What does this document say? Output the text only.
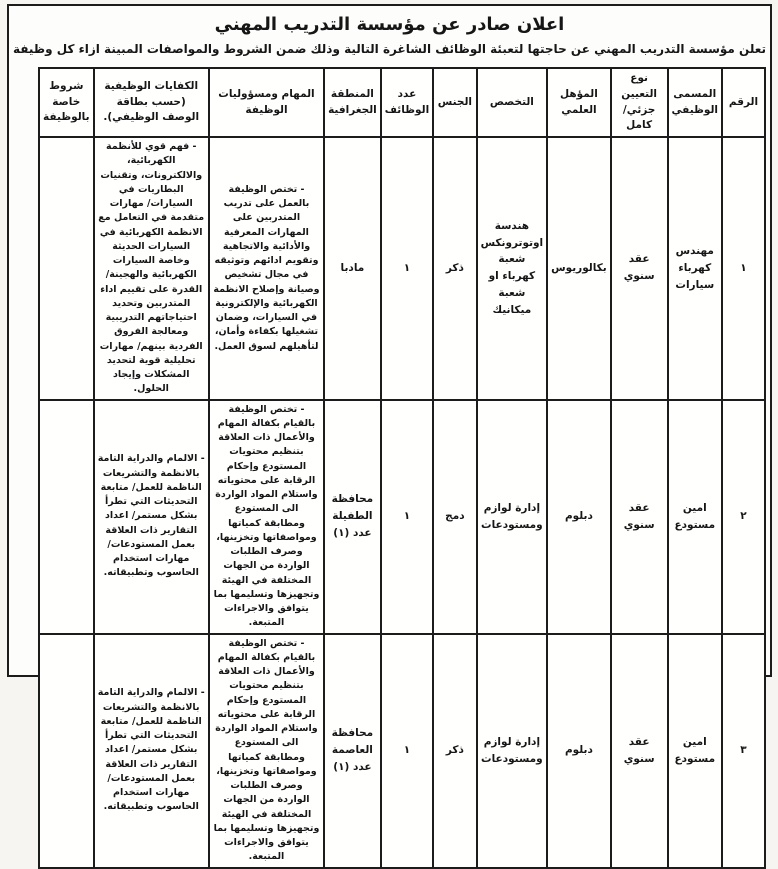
اعلان صادر عن مؤسسة التدريب المهني
تعلن مؤسسة التدريب المهني عن حاجتها لتعبئة الوظائف الشاغرة التالية وذلك ضمن الشروط والمواصفات المبينة ازاء كل وظيفة
الرقم	المسمى الوظيفي	نوع التعيين جزئي/ كامل	المؤهل العلمي	التخصص	الجنس	عدد الوظائف	المنطقة الجغرافية	المهام ومسؤوليات الوظيفة	الكفايات الوظيفية (حسب بطاقة الوصف الوظيفي).	شروط خاصة بالوظيفة
١	مهندس كهرباء سيارات	عقد سنوي	بكالوريوس	هندسة اوتوترونكس شعبة كهرباء او شعبة ميكانيك	ذكر	١	مادبا	- تختص الوظيفة بالعمل على تدريب المتدربين على المهارات المعرفية والأدائية والاتجاهية وتقويم ادائهم وتوثيقه في مجال تشخيص وصيانة وإصلاح الانظمة الكهربائية والإلكترونية في السيارات، وضمان تشغيلها بكفاءة وأمان، لتأهيلهم لسوق العمل.	- فهم قوي للأنظمة الكهربائية، والالكترونات، وتقنيات البطاريات في السيارات/ مهارات متقدمة في التعامل مع الانظمة الكهربائية في السيارات الحديثة وخاصة السيارات الكهربائية والهجينة/ القدرة على تقييم اداء المتدربين وتحديد احتياجاتهم التدريبية ومعالجة الفروق الفردية بينهم/ مهارات تحليلية قوية لتحديد المشكلات وإيجاد الحلول.	
٢	امين مستودع	عقد سنوي	دبلوم	إدارة لوازم ومستودعات	دمج	١	محافظة الطفيلة عدد (١)	- تختص الوظيفة بالقيام بكفالة المهام والأعمال ذات العلاقة بتنظيم محتويات المستودع وإحكام الرقابة على محتوياته واستلام المواد الواردة الى المستودع ومطابقة كمياتها ومواصفاتها وتخزينها، وصرف الطلبات الواردة من الجهات المختلفة في الهيئة وتجهيزها وتسليمها بما يتوافق والاجراءات المتبعة.	- الالمام والدراية التامة بالانظمة والتشريعات الناظمة للعمل/ متابعة التحديثات التي تطرأ بشكل مستمر/ اعداد التقارير ذات العلاقة بعمل المستودعات/ مهارات استخدام الحاسوب وتطبيقاته.	
٣	امين مستودع	عقد سنوي	دبلوم	إدارة لوازم ومستودعات	ذكر	١	محافظة العاصمة عدد (١)	- تختص الوظيفة بالقيام بكفالة المهام والأعمال ذات العلاقة بتنظيم محتويات المستودع وإحكام الرقابة على محتوياته واستلام المواد الواردة الى المستودع ومطابقة كمياتها ومواصفاتها وتخزينها، وصرف الطلبات الواردة من الجهات المختلفة في الهيئة وتجهيزها وتسليمها بما يتوافق والاجراءات المتبعة.	- الالمام والدراية التامة بالانظمة والتشريعات الناظمة للعمل/ متابعة التحديثات التي تطرأ بشكل مستمر/ اعداد التقارير ذات العلاقة بعمل المستودعات/ مهارات استخدام الحاسوب وتطبيقاته.	
